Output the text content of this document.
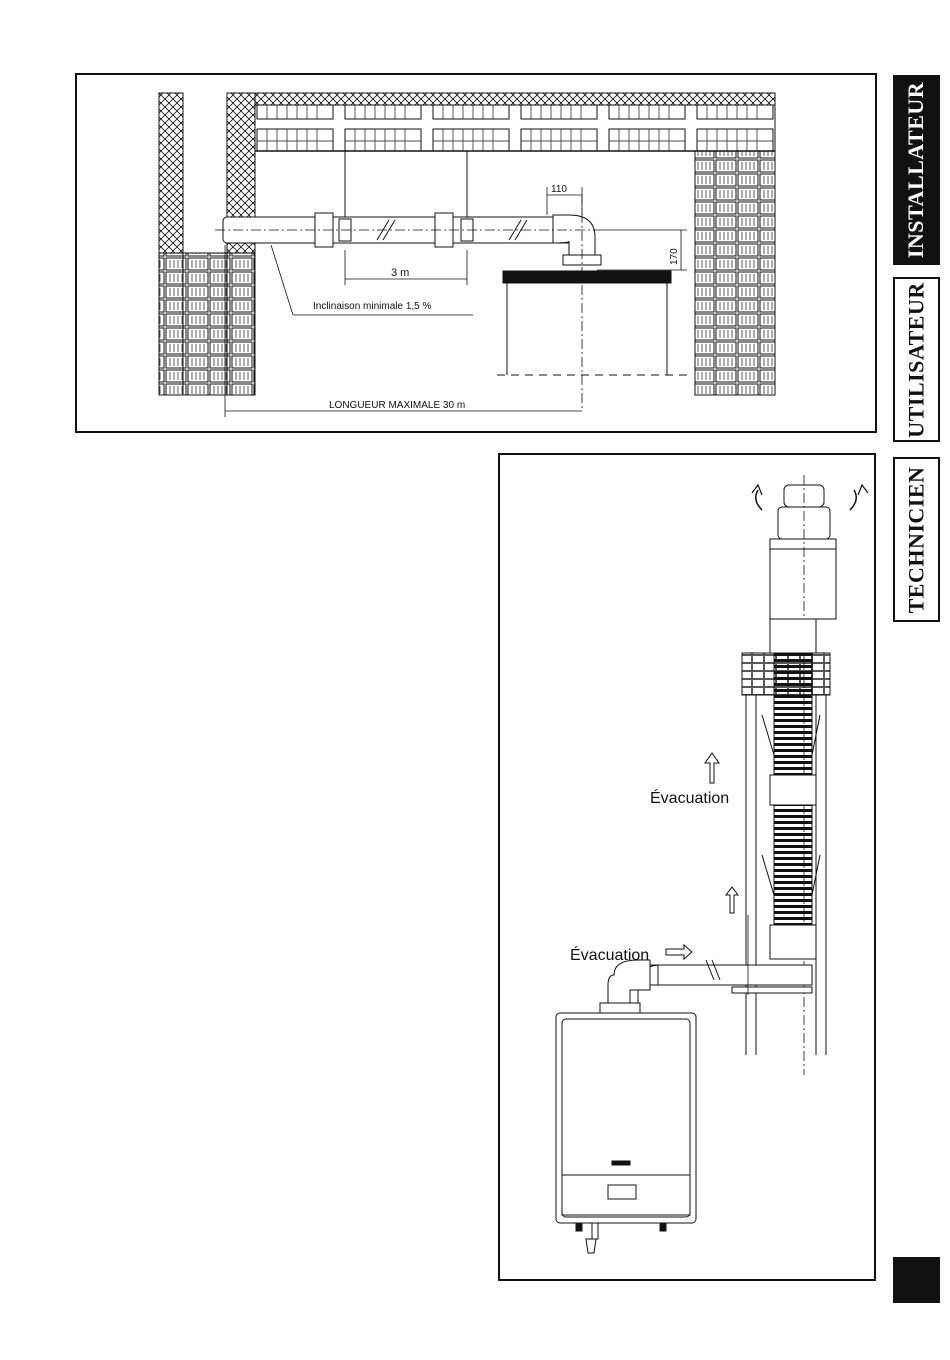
INSTALLATEUR
UTILISATEUR
TECHNICIEN
110
170
3 m
Inclinaison minimale 1,5 %
LONGUEUR MAXIMALE 30 m
Évacuation
Évacuation
